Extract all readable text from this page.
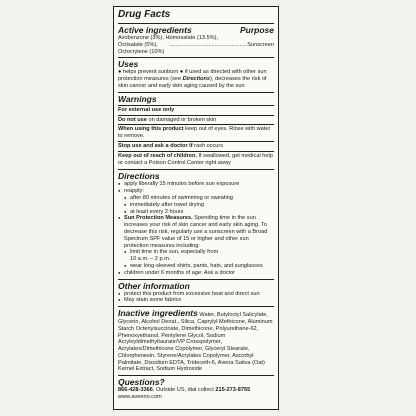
Drug Facts
Active ingredients	Purpose
Avobenzone (3%), Homosalate (13.5%),
Octisalate (5%), Octocrylene (10%)
.................................................. Sunscreen
Uses
● helps prevent sunburn ● if used as directed with other sun protection measures (see Directions), decreases the risk of skin cancer and early skin aging caused by the sun
Warnings
For external use only
Do not use on damaged or broken skin
When using this product keep out of eyes. Rinse with water to remove.
Stop use and ask a doctor if rash occurs
Keep out of reach of children. If swallowed, get medical help or contact a Poison Control Center right away
Directions
● apply liberally 15 minutes before sun exposure
● reapply:
● after 80 minutes of swimming or sweating
● immediately after towel drying
● at least every 2 hours
● Sun Protection Measures. Spending time in the sun increases your risk of skin cancer and early skin aging. To decrease this risk, regularly use a sunscreen with a Broad Spectrum SPF value of 15 or higher and other sun protection measures including:
● limit time in the sun, especially from
10 a.m. – 2 p.m.
● wear long-sleeved shirts, pants, hats, and sunglasses
● children under 6 months of age: Ask a doctor
Other information
● protect this product from excessive heat and direct sun
● May stain some fabrics
Inactive ingredients Water, Butyloctyl Salicylate, Glycerin, Alcohol Denat., Silica, Caprylyl Methicone, Aluminum Starch Octenylsuccinate, Dimethicone, Polyurethane-62, Phenoxyethanol, Pentylene Glycol, Sodium Acryloyldimethyltaurate/VP Crosspolymer, Acrylates/Dimethicone Copolymer, Glyceryl Stearate, Chlorphenesin, Styrene/Acrylates Copolymer, Ascorbyl Palmitate, Disodium EDTA, Trideceth-6, Avena Sativa (Oat) Kernel Extract, Sodium Hydroxide
Questions?
866-428-3366, Outside US, dial collect 215-273-8755
www.aveeno.com
